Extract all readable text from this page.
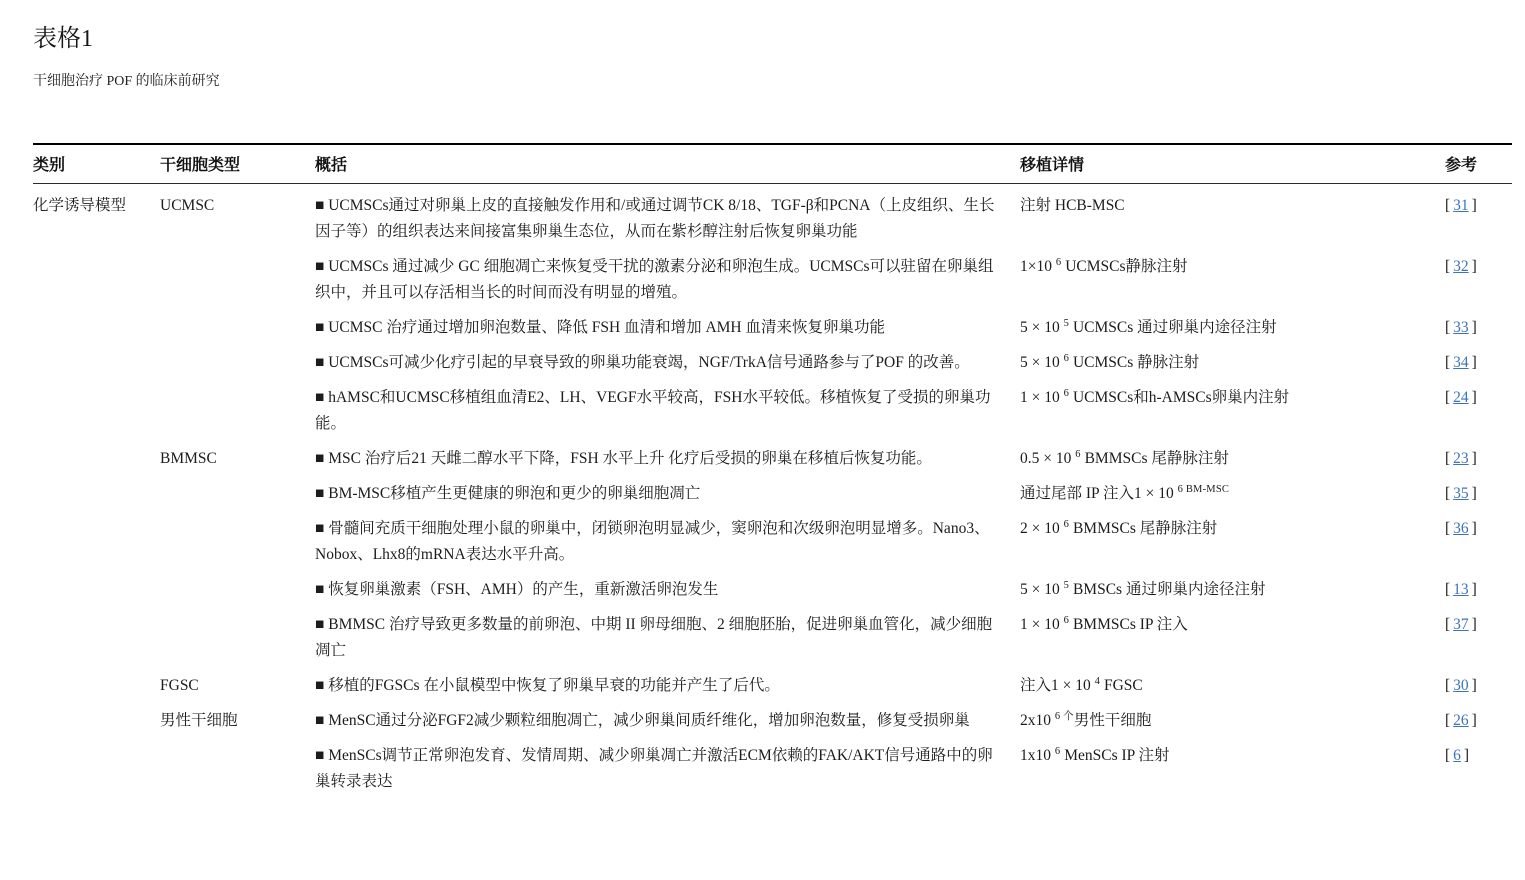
表格1

干细胞治疗 POF 的临床前研究

类别	干细胞类型	概括	移植详情	参考
化学诱导模型	UCMSC	■ UCMSCs通过对卵巢上皮的直接触发作用和/或通过调节CK 8/18、TGF-β和PCNA（上皮组织、生长因子等）的组织表达来间接富集卵巢生态位，从而在紫杉醇注射后恢复卵巢功能	注射 HCB-MSC	[ 31 ]
		■ UCMSCs 通过减少 GC 细胞凋亡来恢复受干扰的激素分泌和卵泡生成。UCMSCs可以驻留在卵巢组织中，并且可以存活相当长的时间而没有明显的增殖。	1×10 $^6$ UCMSCs静脉注射	[ 32 ]
		■ UCMSC 治疗通过增加卵泡数量、降低 FSH 血清和增加 AMH 血清来恢复卵巢功能	5 × 10 $^5$ UCMSCs 通过卵巢内途径注射	[ 33 ]
		■ UCMSCs可减少化疗引起的早衰导致的卵巢功能衰竭，NGF/TrkA信号通路参与了POF 的改善。	5 × 10 $^6$ UCMSCs 静脉注射	[ 34 ]
		■ hAMSC和UCMSC移植组血清E2、LH、VEGF水平较高，FSH水平较低。移植恢复了受损的卵巢功能。	1 × 10 $^6$ UCMSCs和h-AMSCs卵巢内注射	[ 24 ]
	BMMSC	■ MSC 治疗后21 天雌二醇水平下降，FSH 水平上升 化疗后受损的卵巢在移植后恢复功能。	0.5 × 10 $^6$ BMMSCs 尾静脉注射	[ 23 ]
		■ BM-MSC移植产生更健康的卵泡和更少的卵巢细胞凋亡	通过尾部 IP 注入1 × 10 $^{6 BM-MSC}$	[ 35 ]
		■ 骨髓间充质干细胞处理小鼠的卵巢中，闭锁卵泡明显减少，窦卵泡和次级卵泡明显增多。Nano3、Nobox、Lhx8的mRNA表达水平升高。	2 × 10 $^6$ BMMSCs 尾静脉注射	[ 36 ]
		■ 恢复卵巢激素（FSH、AMH）的产生，重新激活卵泡发生	5 × 10 $^5$ BMSCs 通过卵巢内途径注射	[ 13 ]
		■ BMMSC 治疗导致更多数量的前卵泡、中期 II 卵母细胞、2 细胞胚胎，促进卵巢血管化，减少细胞凋亡	1 × 10 $^6$ BMMSCs IP 注入	[ 37 ]
	FGSC	■ 移植的FGSCs 在小鼠模型中恢复了卵巢早衰的功能并产生了后代。	注入1 × 10 $^4$ FGSC	[ 30 ]
	男性干细胞	■ MenSC通过分泌FGF2减少颗粒细胞凋亡，减少卵巢间质纤维化，增加卵泡数量，修复受损卵巢	2x10 $^{6 个}$男性干细胞	[ 26 ]
		■ MenSCs调节正常卵泡发育、发情周期、减少卵巢凋亡并激活ECM依赖的FAK/AKT信号通路中的卵巢转录表达	1x10 $^6$ MenSCs IP 注射	[ 6 ]
